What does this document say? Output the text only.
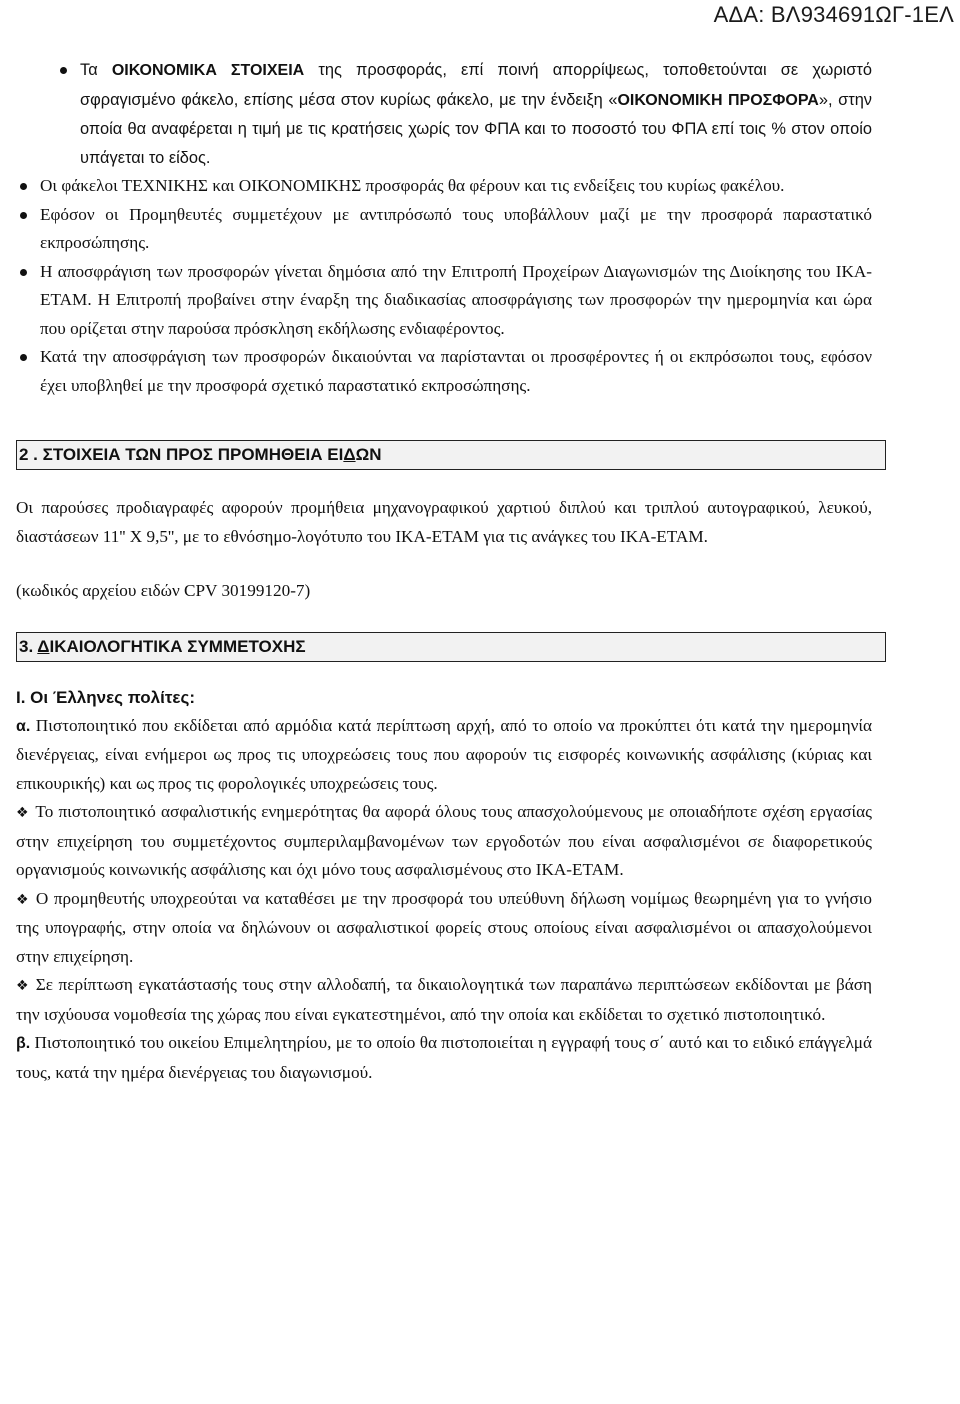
ΑΔΑ: ΒΛ934691ΩΓ-1ΕΛ

Τα ΟΙΚΟΝΟΜΙΚΑ ΣΤΟΙΧΕΙΑ της προσφοράς, επί ποινή απορρίψεως, τοποθετούνται σε χωριστό σφραγισμένο φάκελο, επίσης μέσα στον κυρίως φάκελο, με την ένδειξη «ΟΙΚΟΝΟΜΙΚΗ ΠΡΟΣΦΟΡΑ», στην οποία θα αναφέρεται η τιμή με τις κρατήσεις χωρίς τον ΦΠΑ και το ποσοστό του ΦΠΑ επί τοις % στον οποίο υπάγεται το είδος.

Οι φάκελοι ΤΕΧΝΙΚΗΣ και ΟΙΚΟΝΟΜΙΚΗΣ προσφοράς θα φέρουν και τις ενδείξεις του κυρίως φακέλου.

Εφόσον οι Προμηθευτές συμμετέχουν με αντιπρόσωπό τους υποβάλλουν μαζί με την προσφορά παραστατικό εκπροσώπησης.

Η αποσφράγιση των προσφορών γίνεται δημόσια από την Επιτροπή Προχείρων Διαγωνισμών της Διοίκησης του ΙΚΑ-ΕΤΑΜ. Η Επιτροπή προβαίνει στην έναρξη της διαδικασίας αποσφράγισης των προσφορών την ημερομηνία και ώρα που ορίζεται στην παρούσα πρόσκληση εκδήλωσης ενδιαφέροντος.

Κατά την αποσφράγιση των προσφορών δικαιούνται να παρίστανται οι προσφέροντες ή οι εκπρόσωποι τους, εφόσον έχει υποβληθεί με την προσφορά σχετικό παραστατικό εκπροσώπησης.

2 . ΣΤΟΙΧΕΙΑ ΤΩΝ ΠΡΟΣ ΠΡΟΜΗΘΕΙΑ ΕΙΔΩΝ

Οι παρούσες προδιαγραφές αφορούν προμήθεια μηχανογραφικού χαρτιού διπλού και τριπλού αυτογραφικού, λευκού, διαστάσεων 11'' Χ 9,5'', με το εθνόσημο-λογότυπο του ΙΚΑ-ΕΤΑΜ για τις ανάγκες του ΙΚΑ-ΕΤΑΜ.

(κωδικός αρχείου ειδών CPV 30199120-7)

3. ΔΙΚΑΙΟΛΟΓΗΤΙΚΑ ΣΥΜΜΕΤΟΧΗΣ

Ι. Οι Έλληνες πολίτες:

α. Πιστοποιητικό που εκδίδεται από αρμόδια κατά περίπτωση αρχή, από το οποίο να προκύπτει ότι κατά την ημερομηνία διενέργειας, είναι ενήμεροι ως προς τις υποχρεώσεις τους που αφορούν τις εισφορές κοινωνικής ασφάλισης (κύριας και επικουρικής) και ως προς τις φορολογικές υποχρεώσεις τους.

❖ Το πιστοποιητικό ασφαλιστικής ενημερότητας θα αφορά όλους τους απασχολούμενους με οποιαδήποτε σχέση εργασίας στην επιχείρηση του συμμετέχοντος συμπεριλαμβανομένων των εργοδοτών που είναι ασφαλισμένοι σε διαφορετικούς οργανισμούς κοινωνικής ασφάλισης και όχι μόνο τους ασφαλισμένους στο ΙΚΑ-ΕΤΑΜ.

❖ Ο προμηθευτής υποχρεούται να καταθέσει με την προσφορά του υπεύθυνη δήλωση νομίμως θεωρημένη για το γνήσιο της υπογραφής, στην οποία να δηλώνουν οι ασφαλιστικοί φορείς στους οποίους είναι ασφαλισμένοι οι απασχολούμενοι στην επιχείρηση.

❖ Σε περίπτωση εγκατάστασής τους στην αλλοδαπή, τα δικαιολογητικά των παραπάνω περιπτώσεων εκδίδονται με βάση την ισχύουσα νομοθεσία της χώρας που είναι εγκατεστημένοι, από την οποία και εκδίδεται το σχετικό πιστοποιητικό.

β. Πιστοποιητικό του οικείου Επιμελητηρίου, με το οποίο θα πιστοποιείται η εγγραφή τους σ΄ αυτό και το ειδικό επάγγελμά τους, κατά την ημέρα διενέργειας του διαγωνισμού.
